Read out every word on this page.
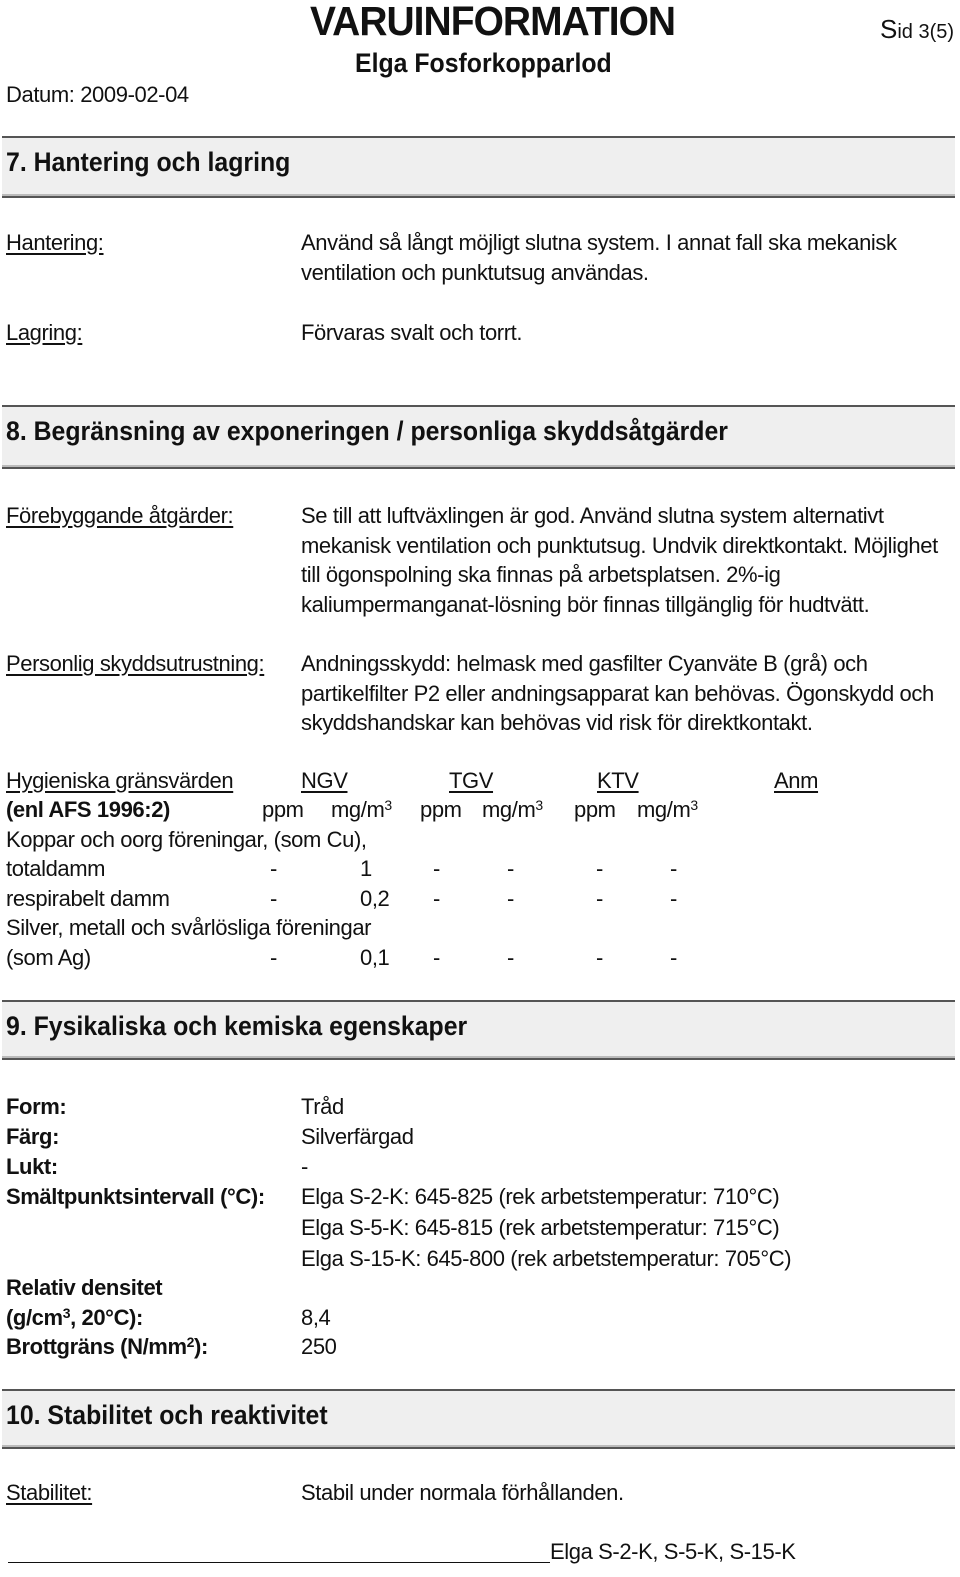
VARUINFORMATION
Elga Fosforkopparlod
Sid 3(5)
Datum: 2009-02-04
7. Hantering och lagring
Hantering:	Använd så långt möjligt slutna system. I annat fall ska mekanisk ventilation och punktutsug användas.
Lagring:	Förvaras svalt och torrt.
8. Begränsning av exponeringen / personliga skyddsåtgärder
Förebyggande åtgärder:	Se till att luftväxlingen är god. Använd slutna system alternativt mekanisk ventilation och punktutsug. Undvik direktkontakt. Möjlighet till ögonspolning ska finnas på arbetsplatsen. 2%-ig kaliumpermanganat-lösning bör finnas tillgänglig för hudtvätt.
Personlig skyddsutrustning: Andningsskydd: helmask med gasfilter Cyanväte B (grå) och partikelfilter P2 eller andningsapparat kan behövas. Ögonskydd och skyddshandskar kan behövas vid risk för direktkontakt.
Hygieniska gränsvärden	NGV	TGV	KTV	Anm
(enl AFS 1996:2)	ppm $mg/m^3$ ppm $mg/m^3$ ppm $mg/m^3$
Koppar och oorg föreningar, (som Cu),
totaldamm	-	1	-	-	-	-
respirabelt damm	-	0,2 -	-	-	-
Silver, metall och svårlösliga föreningar
(som Ag)	-	0,1 -	-	-	-
9. Fysikaliska och kemiska egenskaper
Form:	Tråd
Färg:	Silverfärgad
Lukt:	-
Smältpunktsintervall (°C): Elga S-2-K: 645-825 (rek arbetstemperatur: 710°C)
Elga S-5-K: 645-815 (rek arbetstemperatur: 715°C)
Elga S-15-K: 645-800 (rek arbetstemperatur: 705°C)
Relativ densitet
($g/cm^3$, 20°C):	8,4
Brottgräns $(N/mm^2)$:	250
10. Stabilitet och reaktivitet
Stabilitet:	Stabil under normala förhållanden.
Elga S-2-K, S-5-K, S-15-K
